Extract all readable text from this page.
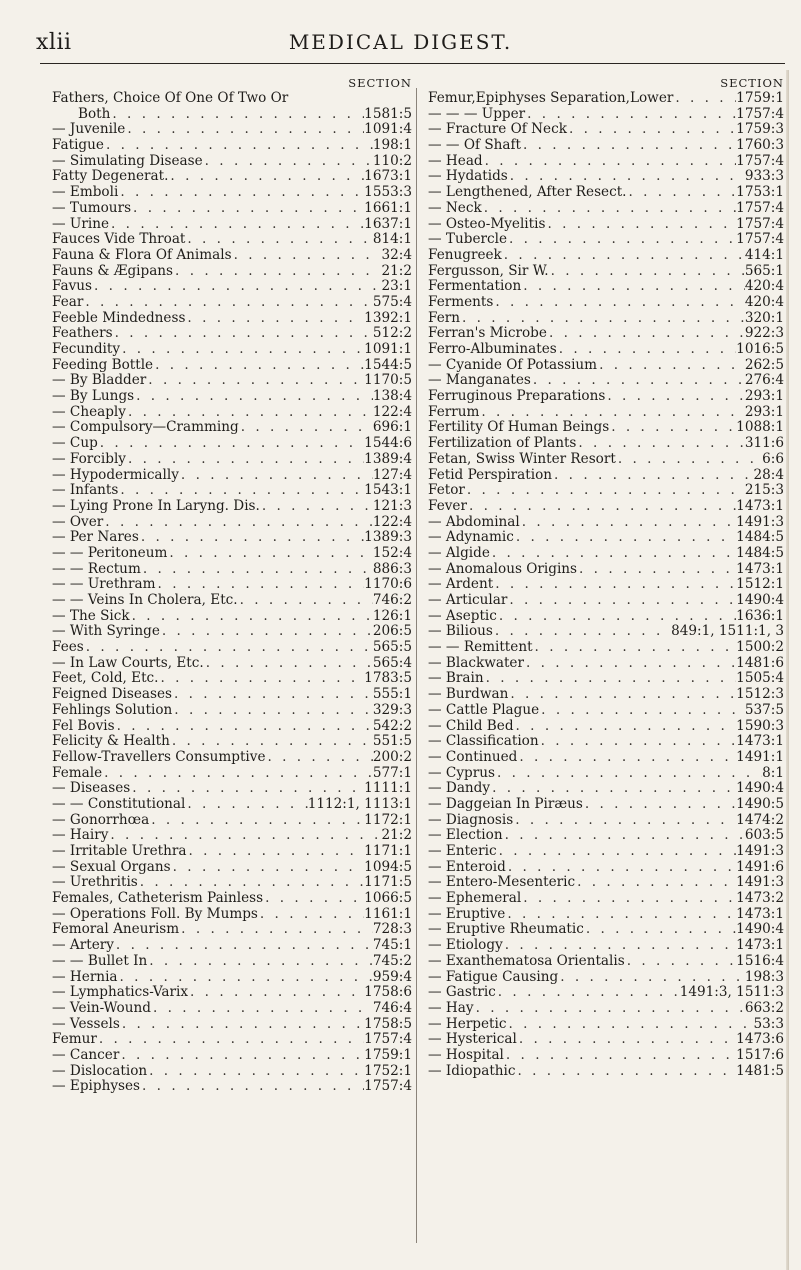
xlii	MEDICAL DIGEST.
SECTION
Fathers, Choice Of One Of Two Or
Both . . .	1581:5
— Juvenile . . .	1091:4
Fatigue . . .	198:1
— Simulating Disease . . .	110:2
Fatty Degenerat. . . .	1673:1
— Emboli . . .	1553:3
— Tumours . . .	1661:1
— Urine . . .	1637:1
Fauces Vide Throat . . .	814:1
Fauna & Flora Of Animals . . .	32:4
Fauns & Ægipans . . .	21:2
Favus . . .	23:1
Fear . . .	575:4
Feeble Mindedness . . .	1392:1
Feathers . . .	512:2
Fecundity . . .	1091:1
Feeding Bottle . . .	1544:5
— By Bladder . . .	1170:5
— By Lungs . . .	138:4
— Cheaply . . .	122:4
— Compulsory—Cramming . . .	696:1
— Cup . . .	1544:6
— Forcibly . . .	1389:4
— Hypodermically . . .	127:4
— Infants . . .	1543:1
— Lying Prone In Laryng. Dis. . . .	121:3
— Over . . .	122:4
— Per Nares . . .	1389:3
— — Peritoneum . . .	152:4
— — Rectum . . .	886:3
— — Urethram . . .	1170:6
— — Veins In Cholera, Etc. . . .	746:2
— The Sick . . .	126:1
— With Syringe . . .	206:5
Fees . . .	565:5
— In Law Courts, Etc. . . .	565:4
Feet, Cold, Etc. . . .	1783:5
Feigned Diseases . . .	555:1
Fehlings Solution . . .	329:3
Fel Bovis . . .	542:2
Felicity & Health . . .	551:5
Fellow-Travellers Consumptive . . .	200:2
Female . . .	577:1
— Diseases . . .	1111:1
— — Constitutional . . .	1112:1, 1113:1
— Gonorrhœa . . .	1172:1
— Hairy . . .	21:2
— Irritable Urethra . . .	1171:1
— Sexual Organs . . .	1094:5
— Urethritis . . .	1171:5
Females, Catheterism Painless . . .	1066:5
— Operations Foll. By Mumps . . .	1161:1
Femoral Aneurism . . .	728:3
— Artery . . .	745:1
— — Bullet In . . .	745:2
— Hernia . . .	959:4
— Lymphatics-Varix . . .	1758:6
— Vein-Wound . . .	746:4
— Vessels . . .	1758:5
Femur . . .	1757:4
— Cancer . . .	1759:1
— Dislocation . . .	1752:1
— Epiphyses . . .	1757:4
SECTION
Femur,Epiphyses Separation,Lower . . .	1759:1
— — — Upper . . .	1757:4
— Fracture Of Neck . . .	1759:3
— — Of Shaft . . .	1760:3
— Head . . .	1757:4
— Hydatids . . .	933:3
— Lengthened, After Resect. . . .	1753:1
— Neck . . .	1757:4
— Osteo-Myelitis . . .	1757:4
— Tubercle . . .	1757:4
Fenugreek . . .	414:1
Fergusson, Sir W. . . .	565:1
Fermentation . . .	420:4
Ferments . . .	420:4
Fern . . .	320:1
Ferran's Microbe . . .	922:3
Ferro-Albuminates . . .	1016:5
— Cyanide Of Potassium . . .	262:5
— Manganates . . .	276:4
Ferruginous Preparations . . .	293:1
Ferrum . . .	293:1
Fertility Of Human Beings . . .	1088:1
Fertilization of Plants . . .	311:6
Fetan, Swiss Winter Resort . . .	6:6
Fetid Perspiration . . .	28:4
Fetor . . .	215:3
Fever . . .	1473:1
— Abdominal . . .	1491:3
— Adynamic . . .	1484:5
— Algide . . .	1484:5
— Anomalous Origins . . .	1473:1
— Ardent . . .	1512:1
— Articular . . .	1490:4
— Aseptic . . .	1636:1
— Bilious . . .	849:1, 1511:1, 3
— — Remittent . . .	1500:2
— Blackwater . . .	1481:6
— Brain . . .	1505:4
— Burdwan . . .	1512:3
— Cattle Plague . . .	537:5
— Child Bed . . .	1590:3
— Classification . . .	1473:1
— Continued . . .	1491:1
— Cyprus . . .	8:1
— Dandy . . .	1490:4
— Daggeian In Piræus . . .	1490:5
— Diagnosis . . .	1474:2
— Election . . .	603:5
— Enteric . . .	1491:3
— Enteroid . . .	1491:6
— Entero-Mesenteric . . .	1491:3
— Ephemeral . . .	1473:2
— Eruptive . . .	1473:1
— Eruptive Rheumatic . . .	1490:4
— Etiology . . .	1473:1
— Exanthematosa Orientalis . . .	1516:4
— Fatigue Causing . . .	198:3
— Gastric . . .	1491:3, 1511:3
— Hay . . .	663:2
— Herpetic . . .	53:3
— Hysterical . . .	1473:6
— Hospital . . .	1517:6
— Idiopathic . . .	1481:5
